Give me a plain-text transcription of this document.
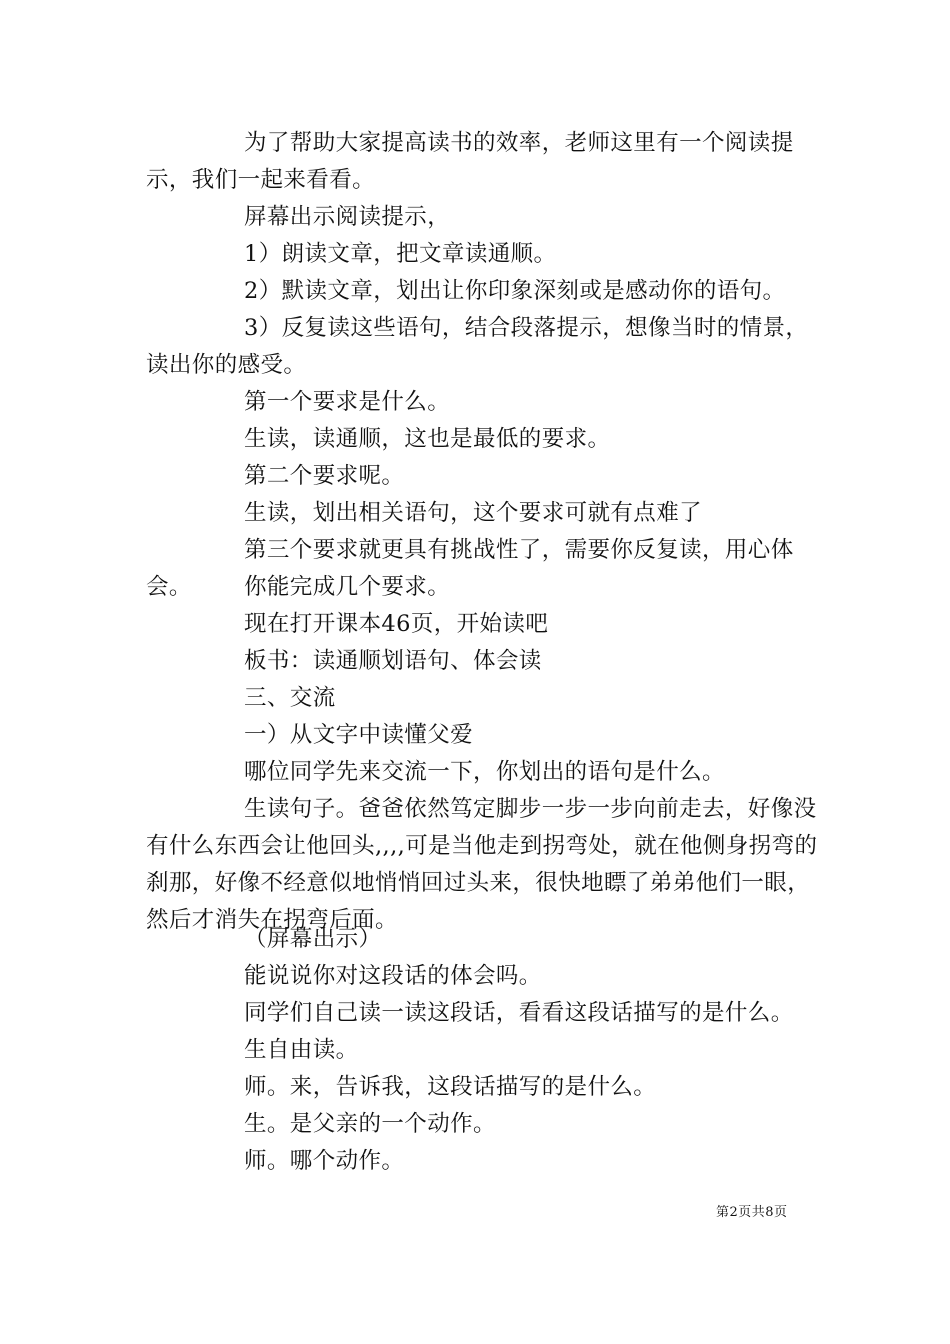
为了帮助大家提高读书的效率，老师这里有一个阅读提示，我们一起来看看。

屏幕出示阅读提示，

1）朗读文章，把文章读通顺。

2）默读文章，划出让你印象深刻或是感动你的语句。

3）反复读这些语句，结合段落提示，想像当时的情景，读出你的感受。

第一个要求是什么。

生读，读通顺，这也是最低的要求。

第二个要求呢。

生读，划出相关语句，这个要求可就有点难了

第三个要求就更具有挑战性了，需要你反复读，用心体会。	你能完成几个要求。

现在打开课本46页，开始读吧

板书：读通顺划语句、体会读

三、交流

一）从文字中读懂父爱

哪位同学先来交流一下，你划出的语句是什么。

生读句子。爸爸依然笃定脚步一步一步向前走去，好像没有什么东西会让他回头,,,,可是当他走到拐弯处，就在他侧身拐弯的刹那，好像不经意似地悄悄回过头来，很快地瞟了弟弟他们一眼，然后才消失在拐弯后面。

（屏幕出示）

能说说你对这段话的体会吗。

同学们自己读一读这段话，看看这段话描写的是什么。

生自由读。

师。来，告诉我，这段话描写的是什么。

生。是父亲的一个动作。

师。哪个动作。

第2页共8页
